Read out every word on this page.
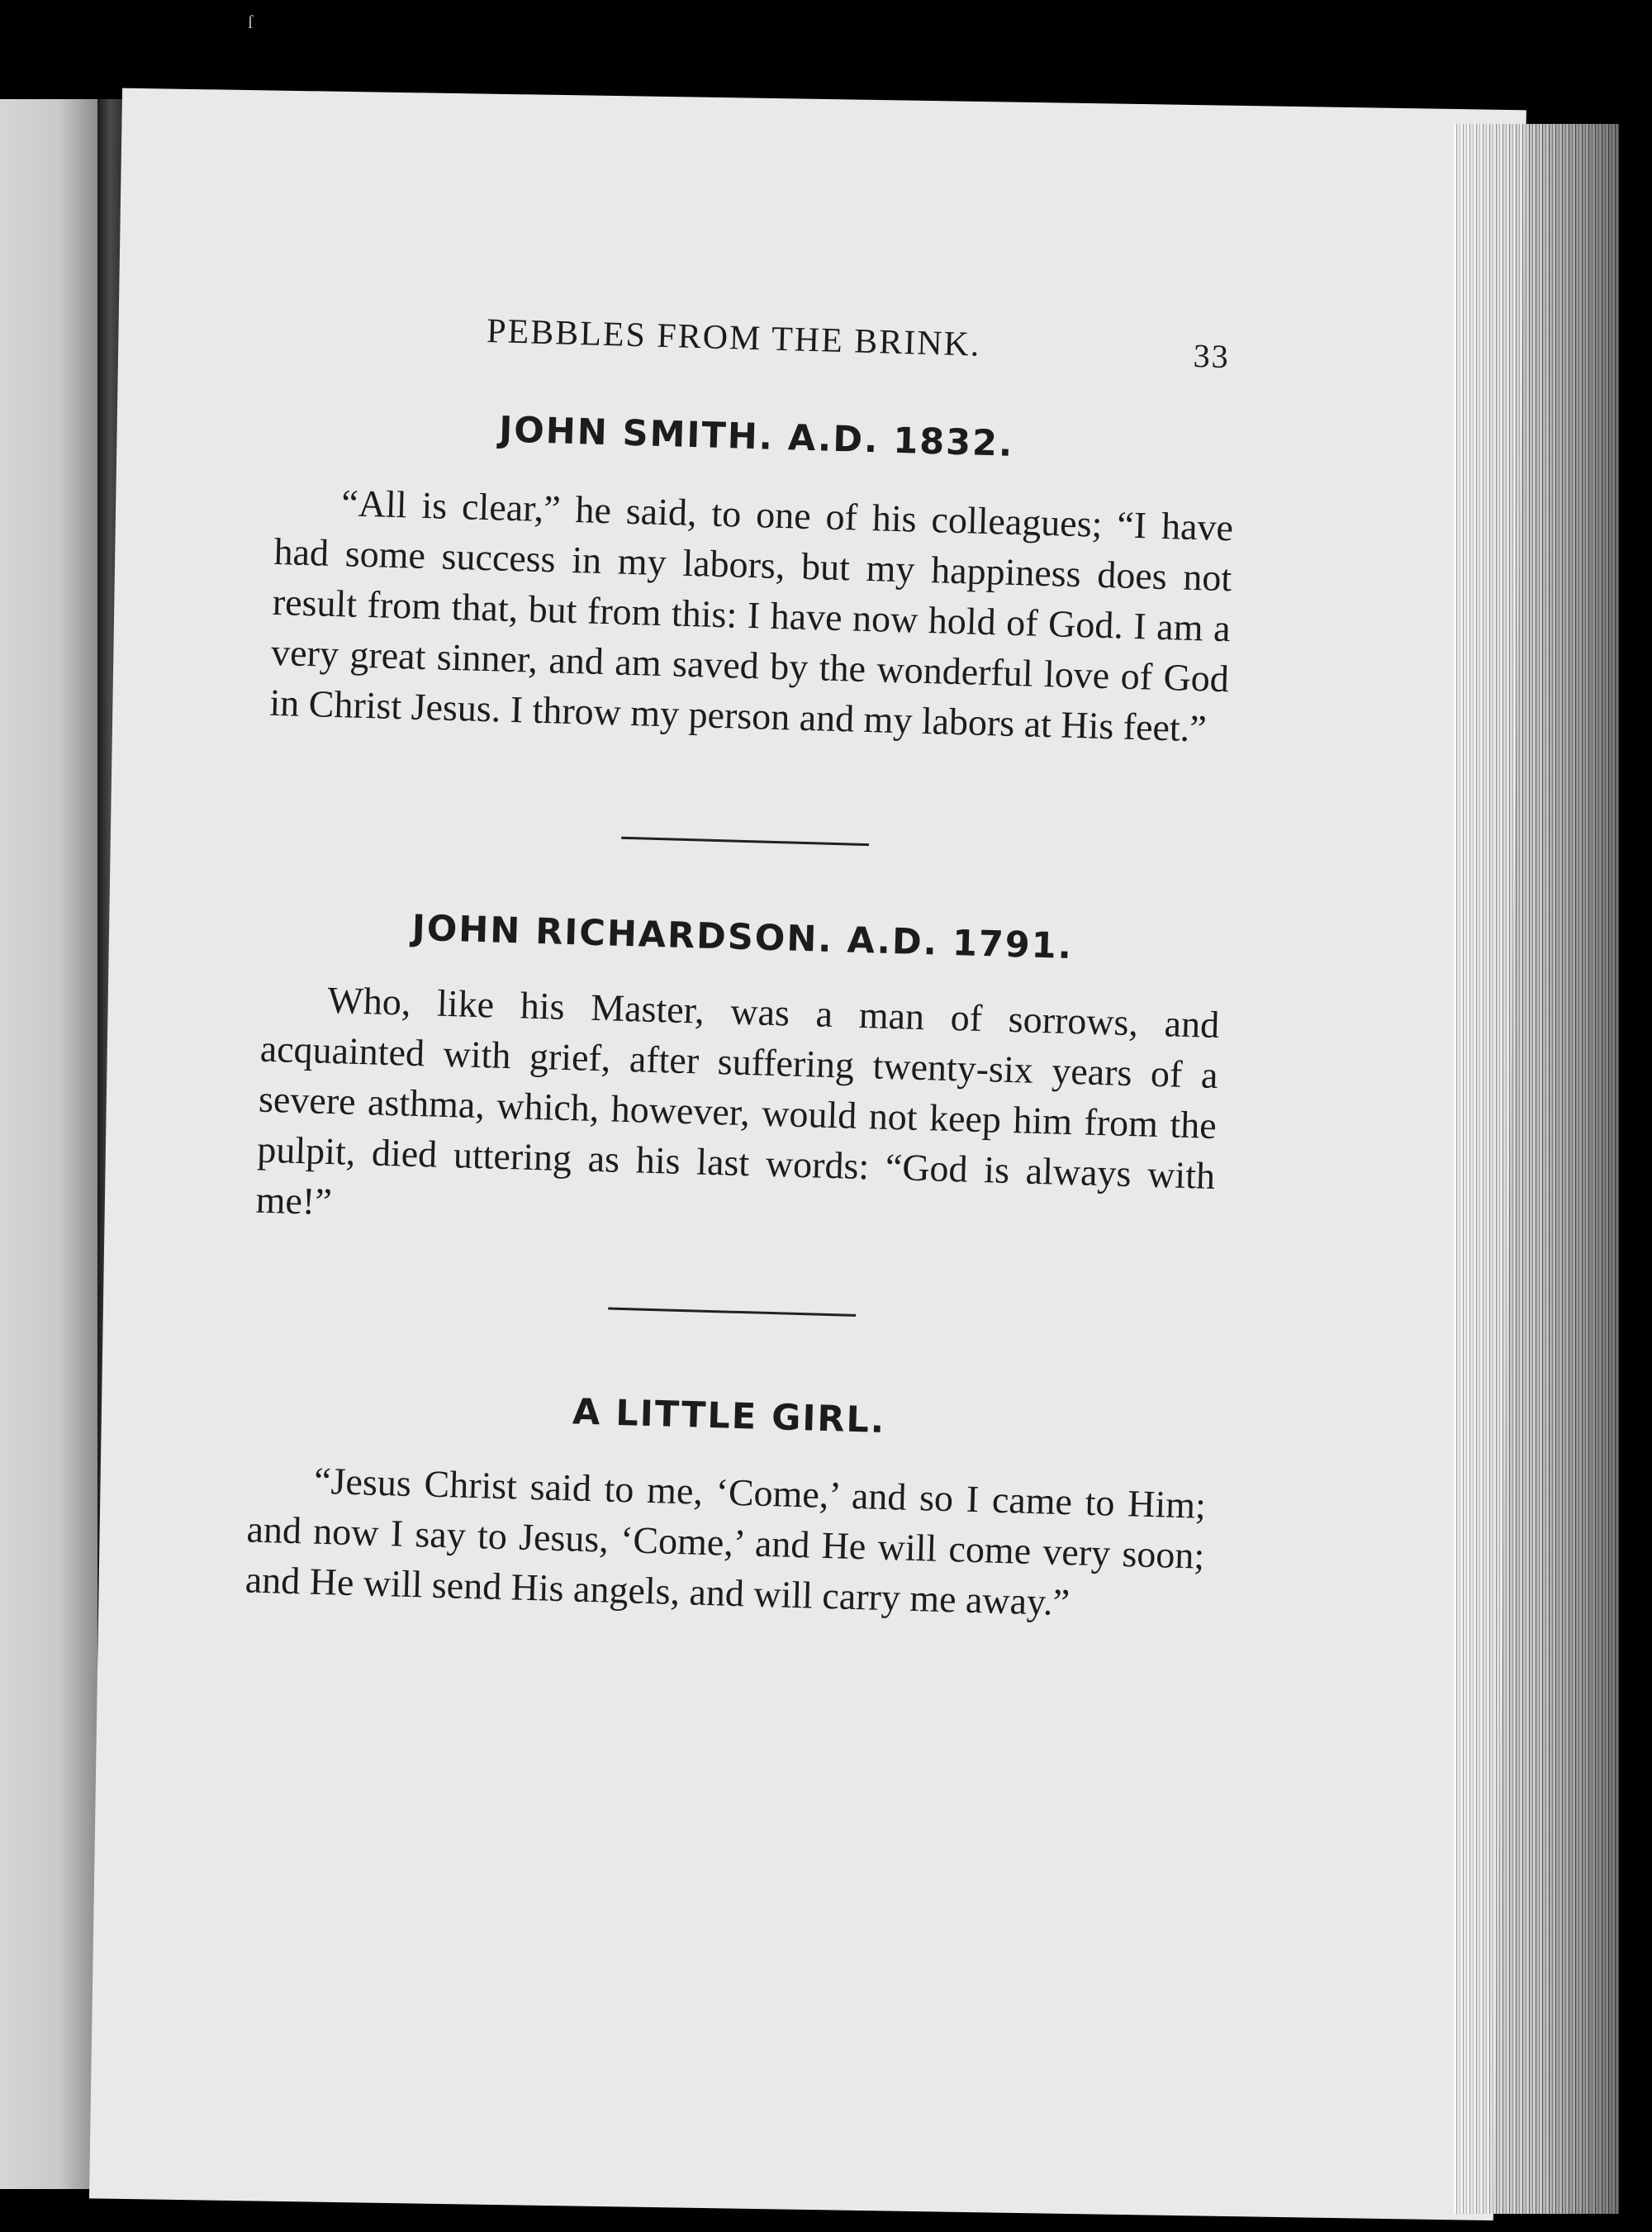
ſ
PEBBLES FROM THE BRINK.	33
JOHN SMITH. A.D. 1832.

“All is clear,” he said, to one of his colleagues; “I have had some success in my labors, but my happiness does not result from that, but from this: I have now hold of God. I am a very great sinner, and am saved by the wonderful love of God in Christ Jesus. I throw my person and my labors at His feet.”

JOHN RICHARDSON. A.D. 1791.

Who, like his Master, was a man of sorrows, and acquainted with grief, after suffering twenty-six years of a severe asthma, which, however, would not keep him from the pulpit, died uttering as his last words: “God is always with me!”

A LITTLE GIRL.

“Jesus Christ said to me, ‘Come,’ and so I came to Him; and now I say to Jesus, ‘Come,’ and He will come very soon; and He will send His angels, and will carry me away.”
